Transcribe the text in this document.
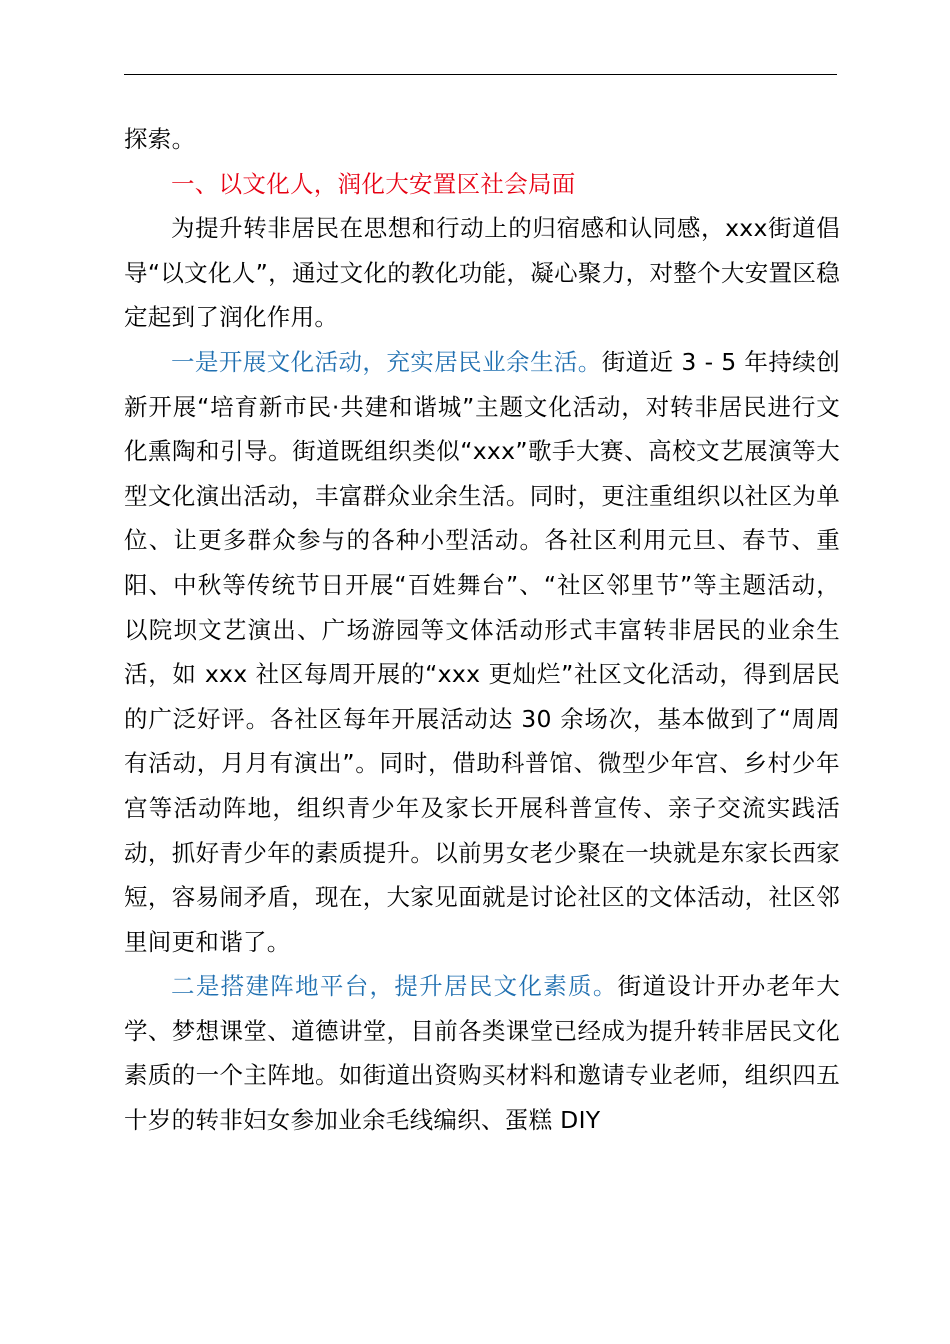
探索。

一、以文化人，润化大安置区社会局面

为提升转非居民在思想和行动上的归宿感和认同感，xxx街道倡导“以文化人”，通过文化的教化功能，凝心聚力，对整个大安置区稳定起到了润化作用。

一是开展文化活动，充实居民业余生活。街道近 3 - 5 年持续创新开展“培育新市民·共建和谐城”主题文化活动，对转非居民进行文化熏陶和引导。街道既组织类似“xxx”歌手大赛、高校文艺展演等大型文化演出活动，丰富群众业余生活。同时，更注重组织以社区为单位、让更多群众参与的各种小型活动。各社区利用元旦、春节、重阳、中秋等传统节日开展“百姓舞台”、“社区邻里节”等主题活动，以院坝文艺演出、广场游园等文体活动形式丰富转非居民的业余生活，如 xxx 社区每周开展的“xxx 更灿烂”社区文化活动，得到居民的广泛好评。各社区每年开展活动达 30 余场次，基本做到了“周周有活动，月月有演出”。同时，借助科普馆、微型少年宫、乡村少年宫等活动阵地，组织青少年及家长开展科普宣传、亲子交流实践活动，抓好青少年的素质提升。以前男女老少聚在一块就是东家长西家短，容易闹矛盾，现在，大家见面就是讨论社区的文体活动，社区邻里间更和谐了。

二是搭建阵地平台，提升居民文化素质。街道设计开办老年大学、梦想课堂、道德讲堂，目前各类课堂已经成为提升转非居民文化素质的一个主阵地。如街道出资购买材料和邀请专业老师，组织四五十岁的转非妇女参加业余毛线编织、蛋糕 DIY
